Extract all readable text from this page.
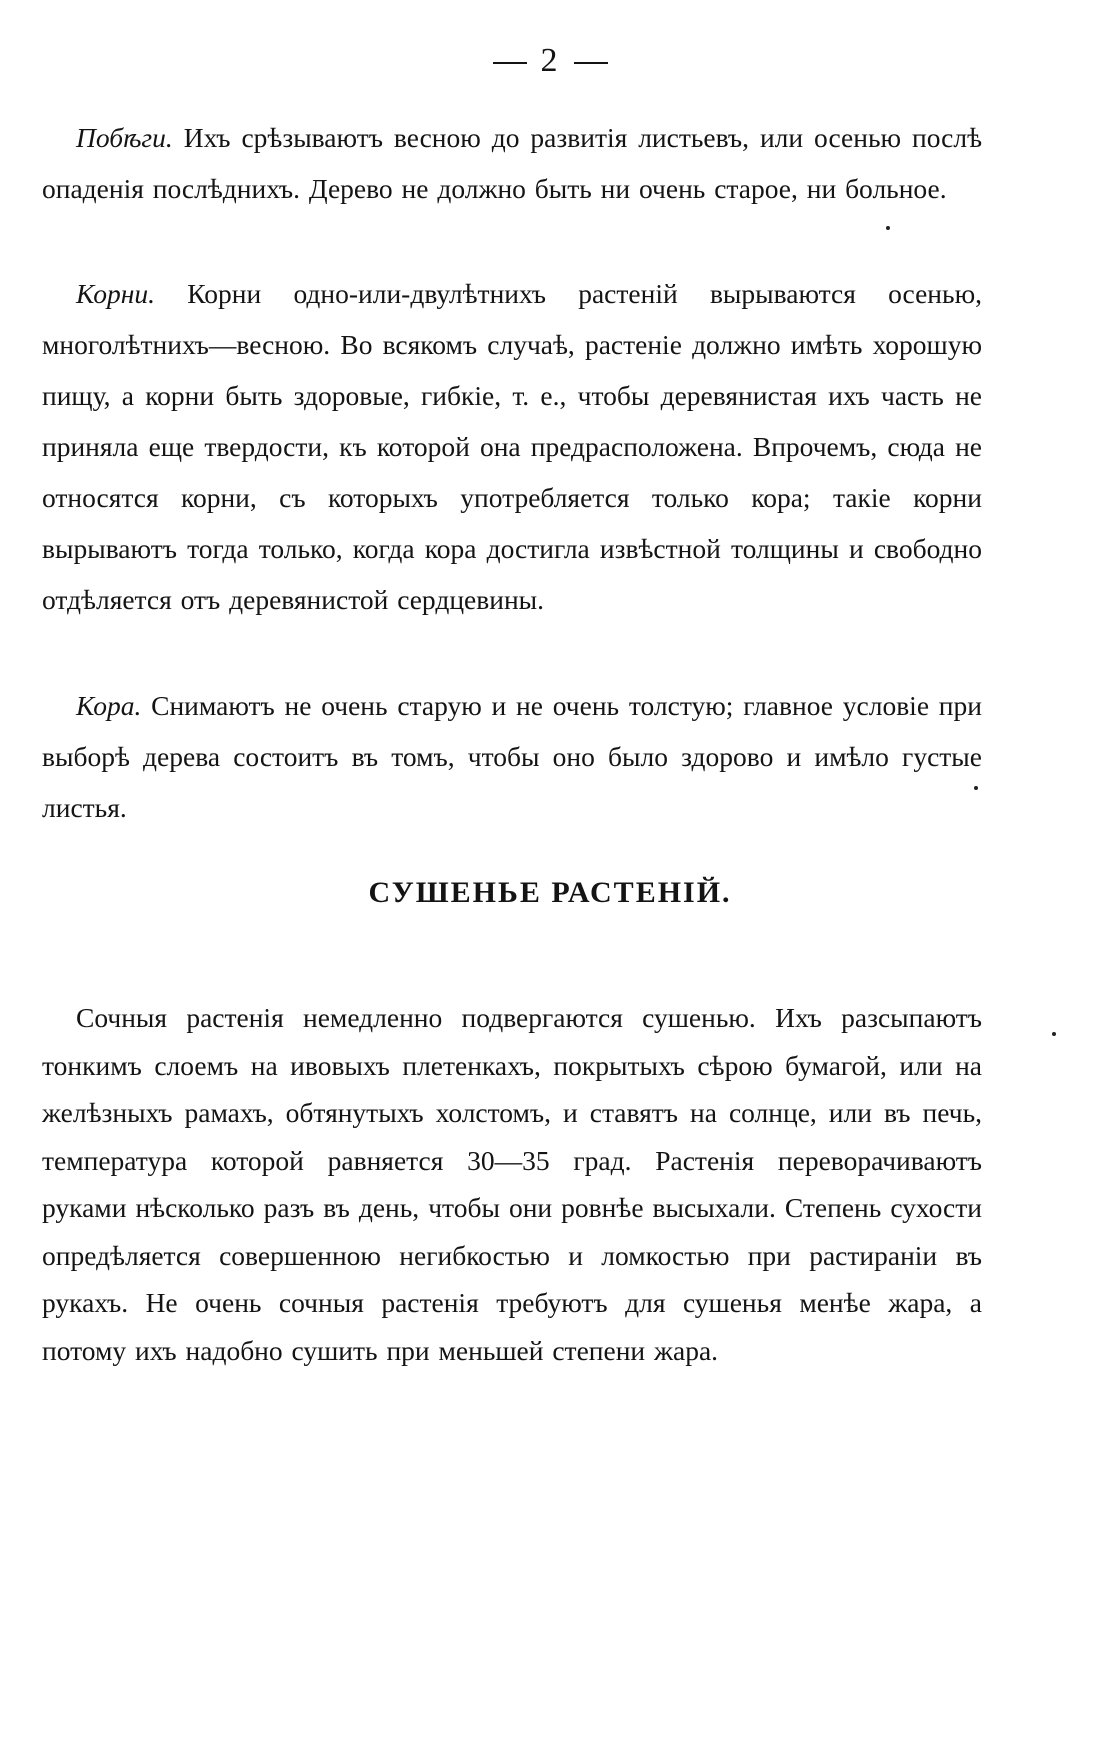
2
Побѣги. Ихъ срѣзываютъ весною до развитія листьевъ, или осенью послѣ опаденія послѣднихъ. Дерево не должно быть ни очень старое, ни больное.
Корни. Корни одно-или-двулѣтнихъ растеній вырываются осенью, многолѣтнихъ—весною. Во всякомъ случаѣ, растеніе должно имѣть хорошую пищу, а корни быть здоровые, гибкіе, т. е., чтобы деревянистая ихъ часть не приняла еще твердости, къ которой она предрасположена. Впрочемъ, сюда не относятся корни, съ которыхъ употребляется только кора; такіе корни вырываютъ тогда только, когда кора достигла извѣстной толщины и свободно отдѣляется отъ деревянистой сердцевины.
Кора. Снимаютъ не очень старую и не очень толстую; главное условіе при выборѣ дерева состоитъ въ томъ, чтобы оно было здорово и имѣло густые листья.
СУШЕНЬЕ РАСТЕНІЙ.
Сочныя растенія немедленно подвергаются сушенью. Ихъ разсыпаютъ тонкимъ слоемъ на ивовыхъ плетенкахъ, покрытыхъ сѣрою бумагой, или на желѣзныхъ рамахъ, обтянутыхъ холстомъ, и ставятъ на солнце, или въ печь, температура которой равняется 30—35 град. Растенія переворачиваютъ руками нѣсколько разъ въ день, чтобы они ровнѣе высыхали. Степень сухости опредѣляется совершенною негибкостью и ломкостью при растираніи въ рукахъ. Не очень сочныя растенія требуютъ для сушенья менѣе жара, а потому ихъ надобно сушить при меньшей степени жара.
